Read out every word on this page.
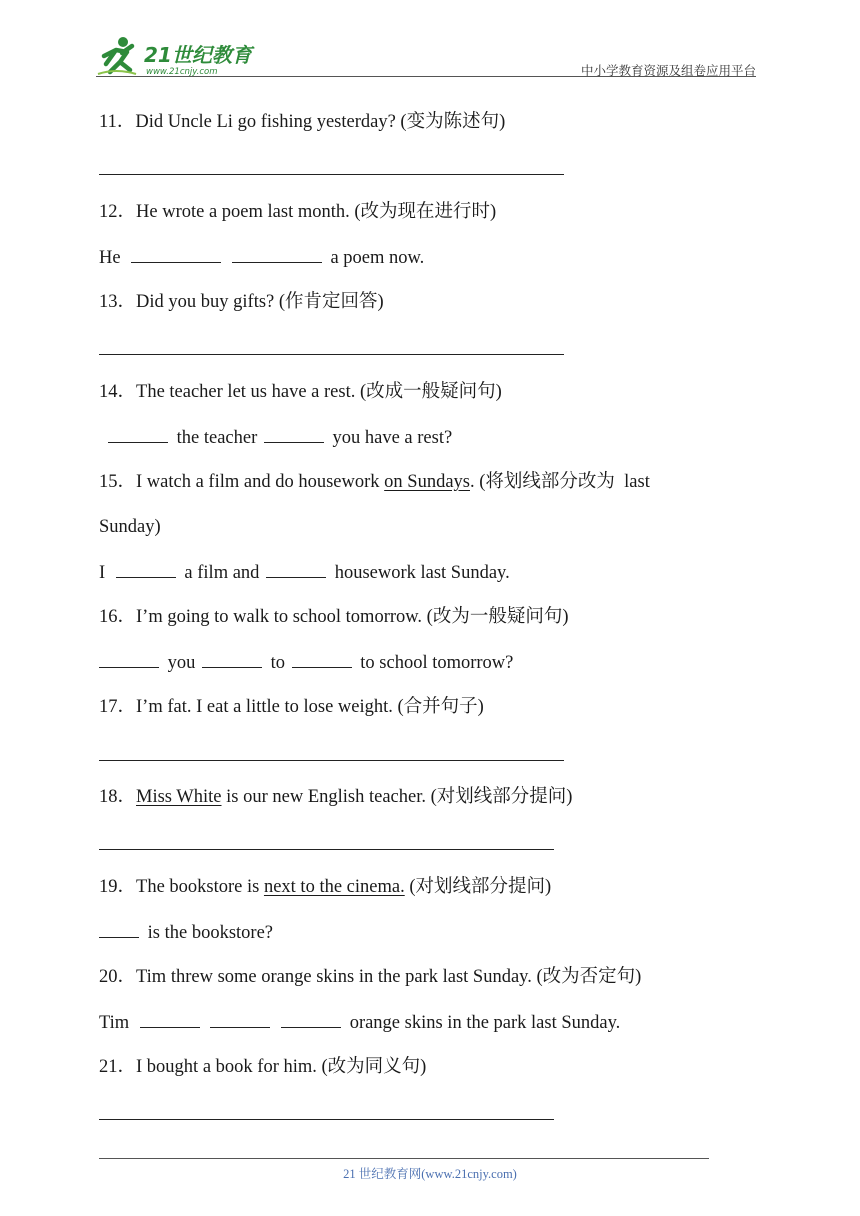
21世纪教育
www.21cnjy.com	中小学教育资源及组卷应用平台
11．Did Uncle Li go fishing yesterday? (变为陈述句)
12．He wrote a poem last month. (改为现在进行时)
He	a poem now.
13．Did you buy gifts? (作肯定回答)
14．The teacher let us have a rest. (改成一般疑问句)
the teacher	you have a rest?
15．I watch a film and do housework on Sundays. (将划线部分改为  last
Sunday)
I	a film and	housework last Sunday.
16．I’m going to walk to school tomorrow. (改为一般疑问句)
you	to	to school tomorrow?
17．I’m fat. I eat a little to lose weight. (合并句子)
18．Miss White is our new English teacher. (对划线部分提问)
19．The bookstore is next to the cinema. (对划线部分提问)
is the bookstore?
20．Tim threw some orange skins in the park last Sunday. (改为否定句)
Tim	orange skins in the park last Sunday.
21．I bought a book for him. (改为同义句)
21 世纪教育网(www.21cnjy.com)
